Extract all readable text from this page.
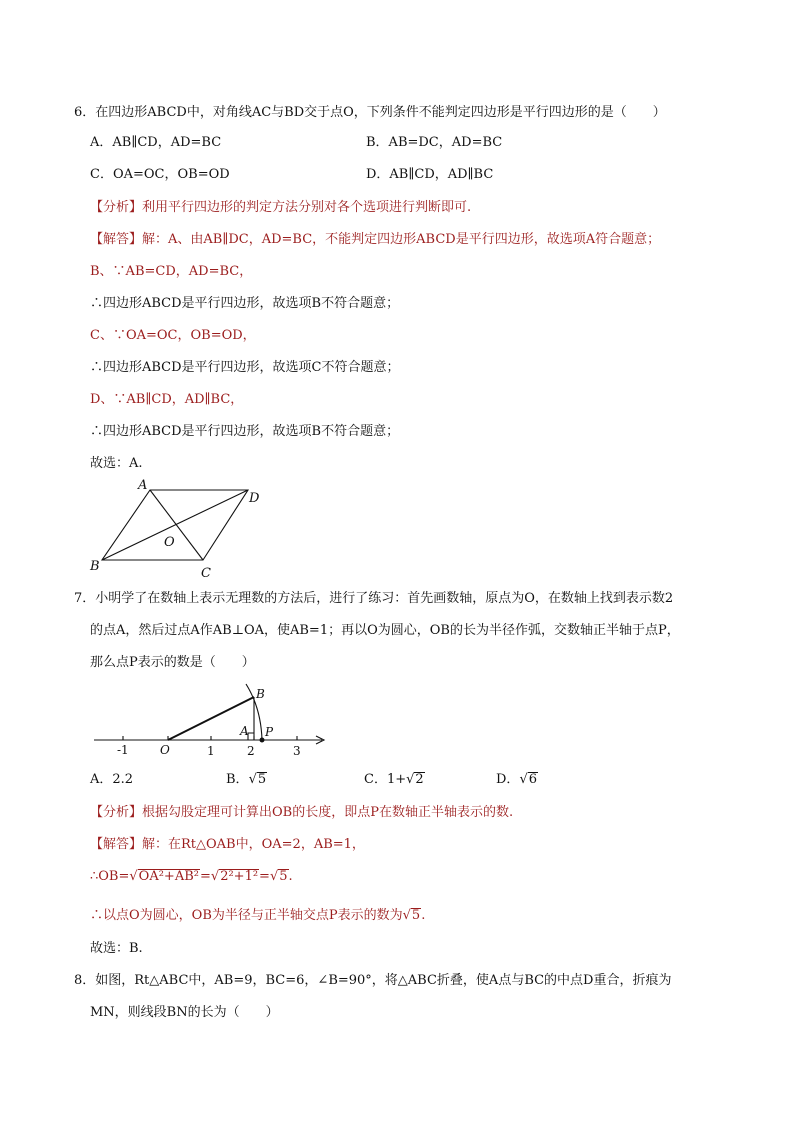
6．在四边形ABCD中，对角线AC与BD交于点O，下列条件不能判定四边形是平行四边形的是（　　）
A．AB∥CD，AD=BC	B．AB=DC，AD=BC
C．OA=OC，OB=OD	D．AB∥CD，AD∥BC
【分析】利用平行四边形的判定方法分别对各个选项进行判断即可.
【解答】解：A、由AB∥DC，AD=BC，不能判定四边形ABCD是平行四边形，故选项A符合题意；
B、∵AB=CD，AD=BC，
∴四边形ABCD是平行四边形，故选项B不符合题意；
C、∵OA=OC，OB=OD，
∴四边形ABCD是平行四边形，故选项C不符合题意；
D、∵AB∥CD，AD∥BC，
∴四边形ABCD是平行四边形，故选项B不符合题意；
故选：A.
A
D
B	C
O
7．小明学了在数轴上表示无理数的方法后，进行了练习：首先画数轴，原点为O，在数轴上找到表示数2
的点A，然后过点A作AB⊥OA，使AB=1；再以O为圆心，OB的长为半径作弧，交数轴正半轴于点P，
那么点P表示的数是（　　）
-1	O	1	2	3
A
B
P
A．2.2	B．√5	C．1+√2	D．√6
【分析】根据勾股定理可计算出OB的长度，即点P在数轴正半轴表示的数.
【解答】解：在Rt△OAB中，OA=2，AB=1，
∴OB=√OA²+AB²=√2²+1²=√5.
∴以点O为圆心，OB为半径与正半轴交点P表示的数为√5.
故选：B.
8．如图，Rt△ABC中，AB=9，BC=6，∠B=90°，将△ABC折叠，使A点与BC的中点D重合，折痕为
MN，则线段BN的长为（　　）
